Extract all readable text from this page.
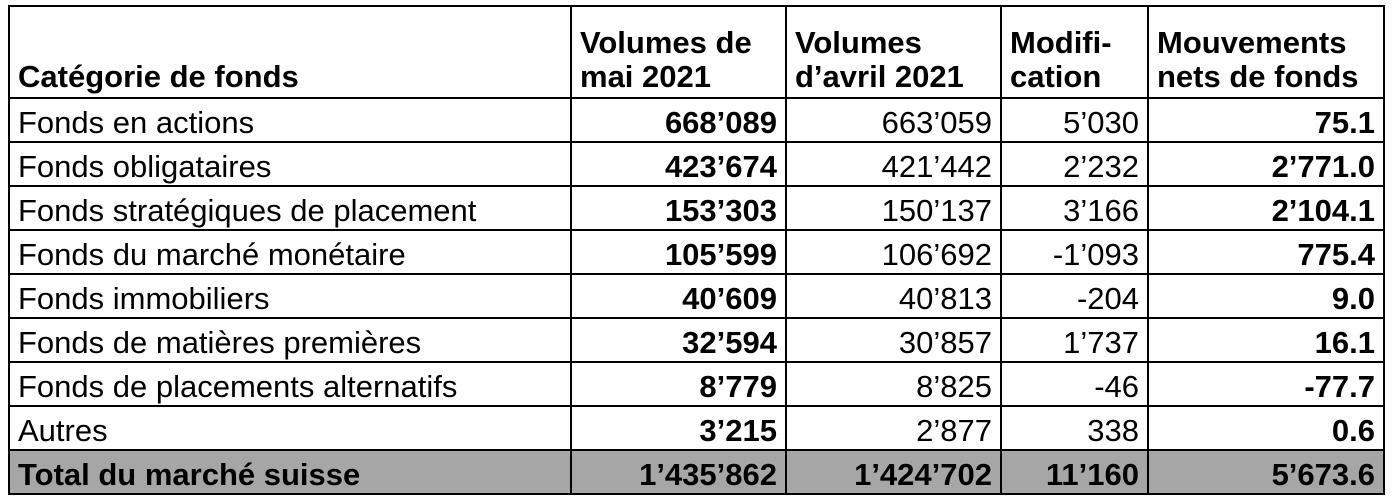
Catégorie de fonds	Volumes de mai 2021	Volumes d’avril 2021	Modifi-cation	Mouvements nets de fonds
Fonds en actions	668’089	663’059	5’030	75.1
Fonds obligataires	423’674	421’442	2’232	2’771.0
Fonds stratégiques de placement	153’303	150’137	3’166	2’104.1
Fonds du marché monétaire	105’599	106’692	-1’093	775.4
Fonds immobiliers	40’609	40’813	-204	9.0
Fonds de matières premières	32’594	30’857	1’737	16.1
Fonds de placements alternatifs	8’779	8’825	-46	-77.7
Autres	3’215	2’877	338	0.6
Total du marché suisse	1’435’862	1’424’702	11’160	5’673.6
